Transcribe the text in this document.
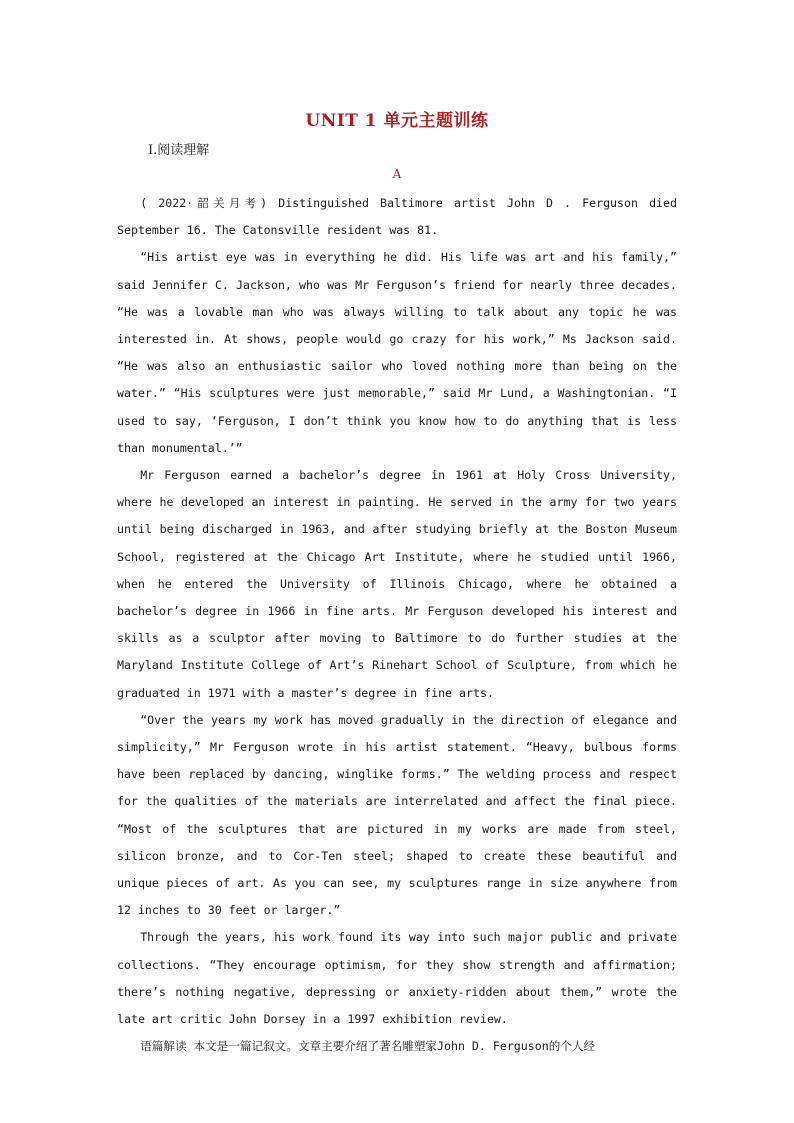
UNIT 1 单元主题训练
Ⅰ.阅读理解
A

( 2022·韶关月考) Distinguished Baltimore artist John D . Ferguson died September 16. The Catonsville resident was 81.

“His artist eye was in everything he did. His life was art and his family,” said Jennifer C. Jackson, who was Mr Ferguson’s friend for nearly three decades. “He was a lovable man who was always willing to talk about any topic he was interested in. At shows, people would go crazy for his work,” Ms Jackson said. “He was also an enthusiastic sailor who loved nothing more than being on the water.” “His sculptures were just memorable,” said Mr Lund, a Washingtonian. “I used to say, ‘Ferguson, I don’t think you know how to do anything that is less than monumental.’”

Mr Ferguson earned a bachelor’s degree in 1961 at Holy Cross University, where he developed an interest in painting. He served in the army for two years until being discharged in 1963, and after studying briefly at the Boston Museum School, registered at the Chicago Art Institute, where he studied until 1966, when he entered the University of Illinois Chicago, where he obtained a bachelor’s degree in 1966 in fine arts. Mr Ferguson developed his interest and skills as a sculptor after moving to Baltimore to do further studies at the Maryland Institute College of Art’s Rinehart School of Sculpture, from which he graduated in 1971 with a master’s degree in fine arts.

“Over the years my work has moved gradually in the direction of elegance and simplicity,” Mr Ferguson wrote in his artist statement. “Heavy, bulbous forms have been replaced by dancing, winglike forms.” The welding process and respect for the qualities of the materials are interrelated and affect the final piece. “Most of the sculptures that are pictured in my works are made from steel, silicon bronze, and to Cor-Ten steel; shaped to create these beautiful and unique pieces of art. As you can see, my sculptures range in size anywhere from 12 inches to 30 feet or larger.”

Through the years, his work found its way into such major public and private collections. “They encourage optimism, for they show strength and affirmation; there’s nothing negative, depressing or anxiety-ridden about them,” wrote the late art critic John Dorsey in a 1997 exhibition review.

语篇解读 本文是一篇记叙文。文章主要介绍了著名雕塑家John D. Ferguson的个人经
